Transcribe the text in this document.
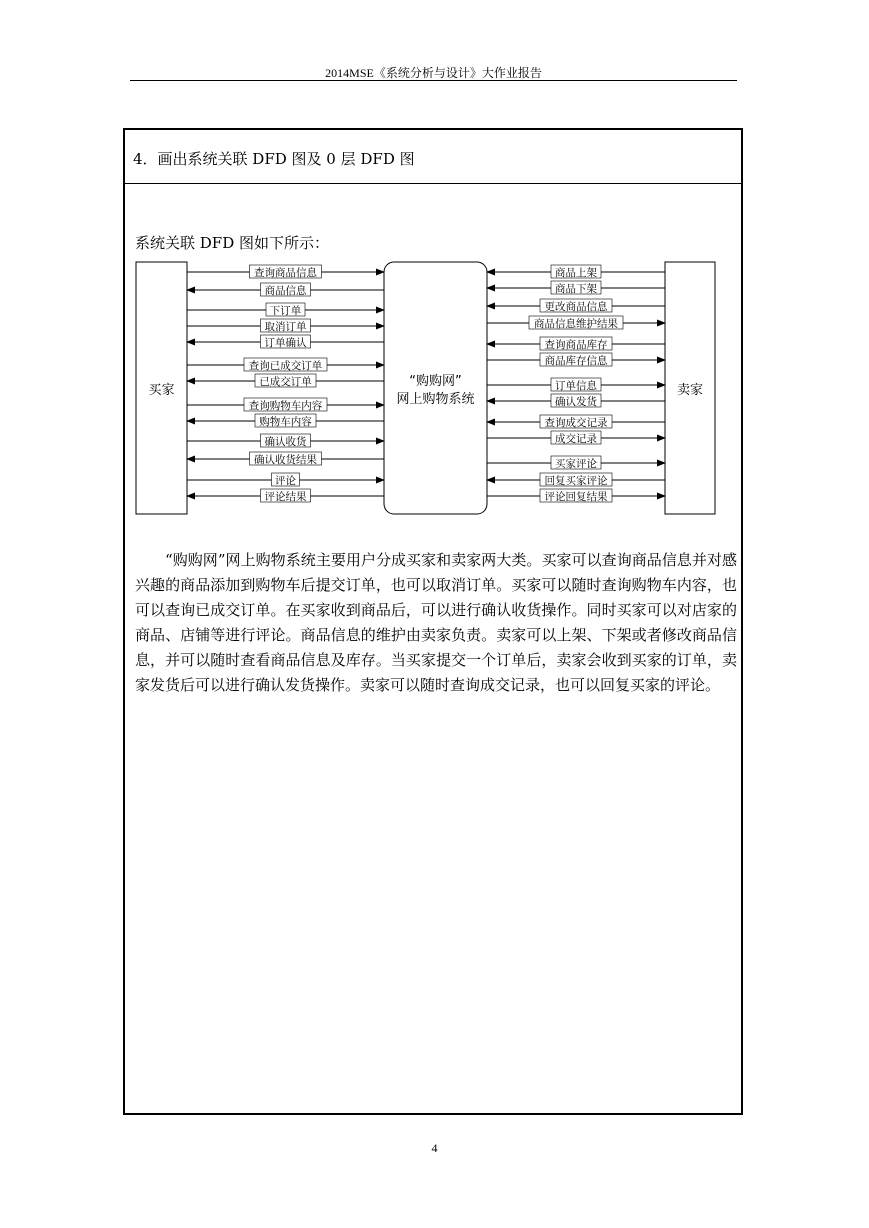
2014MSE《系统分析与设计》大作业报告
4．画出系统关联 DFD 图及 0 层 DFD 图
系统关联 DFD 图如下所示：
买家	卖家
“购购网”
网上购物系统
查询商品信息
商品信息
下订单
取消订单
订单确认
查询已成交订单
已成交订单
查询购物车内容
购物车内容
确认收货
确认收货结果
评论
评论结果
商品上架
商品下架
更改商品信息
商品信息维护结果
查询商品库存
商品库存信息
订单信息
确认发货
查询成交记录
成交记录
买家评论
回复买家评论
评论回复结果

“购购网”网上购物系统主要用户分成买家和卖家两大类。买家可以查询商品信息并对感兴趣的商品添加到购物车后提交订单，也可以取消订单。买家可以随时查询购物车内容，也可以查询已成交订单。在买家收到商品后，可以进行确认收货操作。同时买家可以对店家的商品、店铺等进行评论。商品信息的维护由卖家负责。卖家可以上架、下架或者修改商品信息，并可以随时查看商品信息及库存。当买家提交一个订单后，卖家会收到买家的订单，卖家发货后可以进行确认发货操作。卖家可以随时查询成交记录，也可以回复买家的评论。

4
